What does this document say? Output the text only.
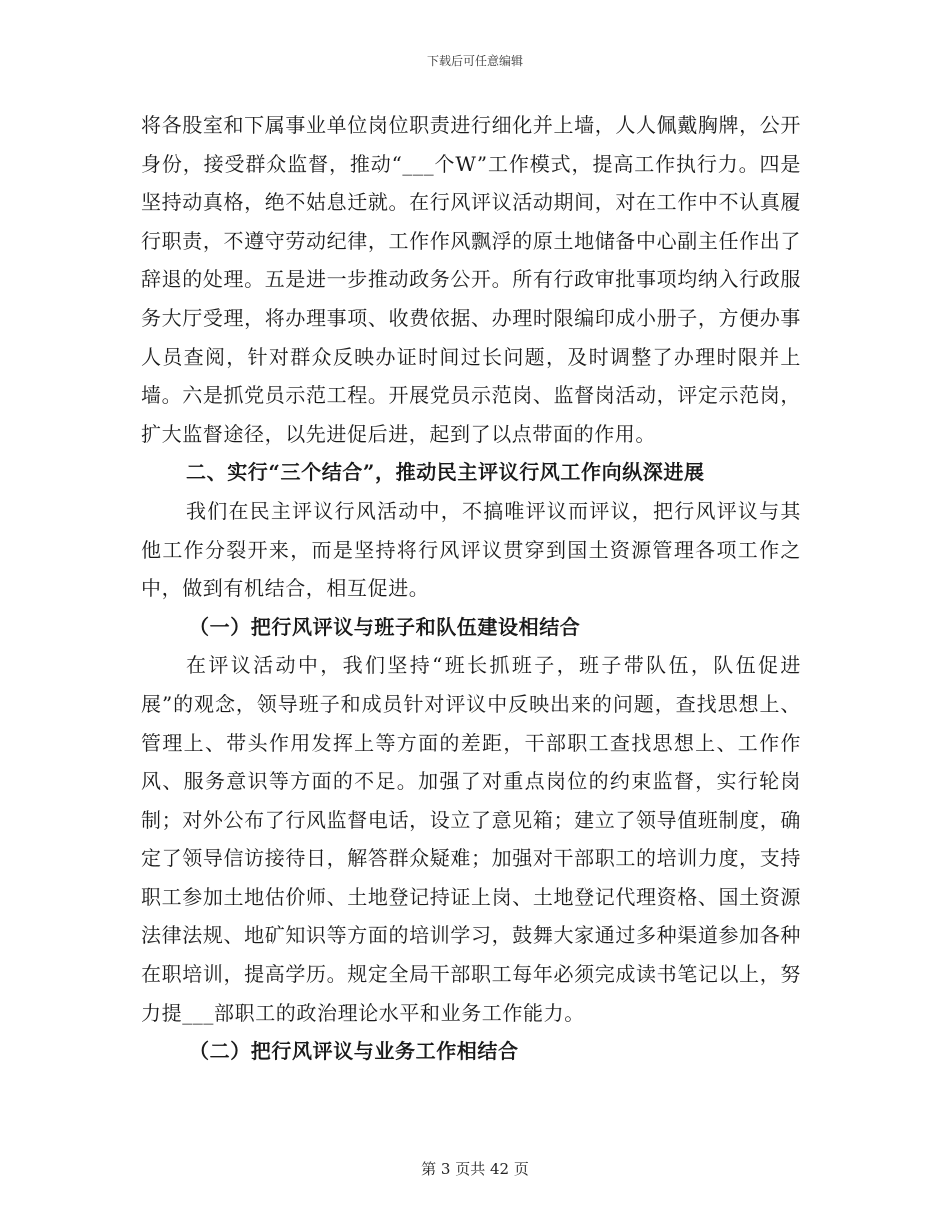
下载后可任意编辑

将各股室和下属事业单位岗位职责进行细化并上墙，人人佩戴胸牌，公开身份，接受群众监督，推动“___个W”工作模式，提高工作执行力。四是坚持动真格，绝不姑息迁就。在行风评议活动期间，对在工作中不认真履行职责，不遵守劳动纪律，工作作风飘浮的原土地储备中心副主任作出了辞退的处理。五是进一步推动政务公开。所有行政审批事项均纳入行政服务大厅受理，将办理事项、收费依据、办理时限编印成小册子，方便办事人员查阅，针对群众反映办证时间过长问题，及时调整了办理时限并上墙。六是抓党员示范工程。开展党员示范岗、监督岗活动，评定示范岗，扩大监督途径，以先进促后进，起到了以点带面的作用。

二、实行“三个结合”，推动民主评议行风工作向纵深进展

我们在民主评议行风活动中，不搞唯评议而评议，把行风评议与其他工作分裂开来，而是坚持将行风评议贯穿到国土资源管理各项工作之中，做到有机结合，相互促进。

（一）把行风评议与班子和队伍建设相结合

在评议活动中，我们坚持“班长抓班子，班子带队伍，队伍促进展”的观念，领导班子和成员针对评议中反映出来的问题，查找思想上、管理上、带头作用发挥上等方面的差距，干部职工查找思想上、工作作风、服务意识等方面的不足。加强了对重点岗位的约束监督，实行轮岗制；对外公布了行风监督电话，设立了意见箱；建立了领导值班制度，确定了领导信访接待日，解答群众疑难；加强对干部职工的培训力度，支持职工参加土地估价师、土地登记持证上岗、土地登记代理资格、国土资源法律法规、地矿知识等方面的培训学习，鼓舞大家通过多种渠道参加各种在职培训，提高学历。规定全局干部职工每年必须完成读书笔记以上，努力提___部职工的政治理论水平和业务工作能力。

（二）把行风评议与业务工作相结合
第 3 页共 42 页
